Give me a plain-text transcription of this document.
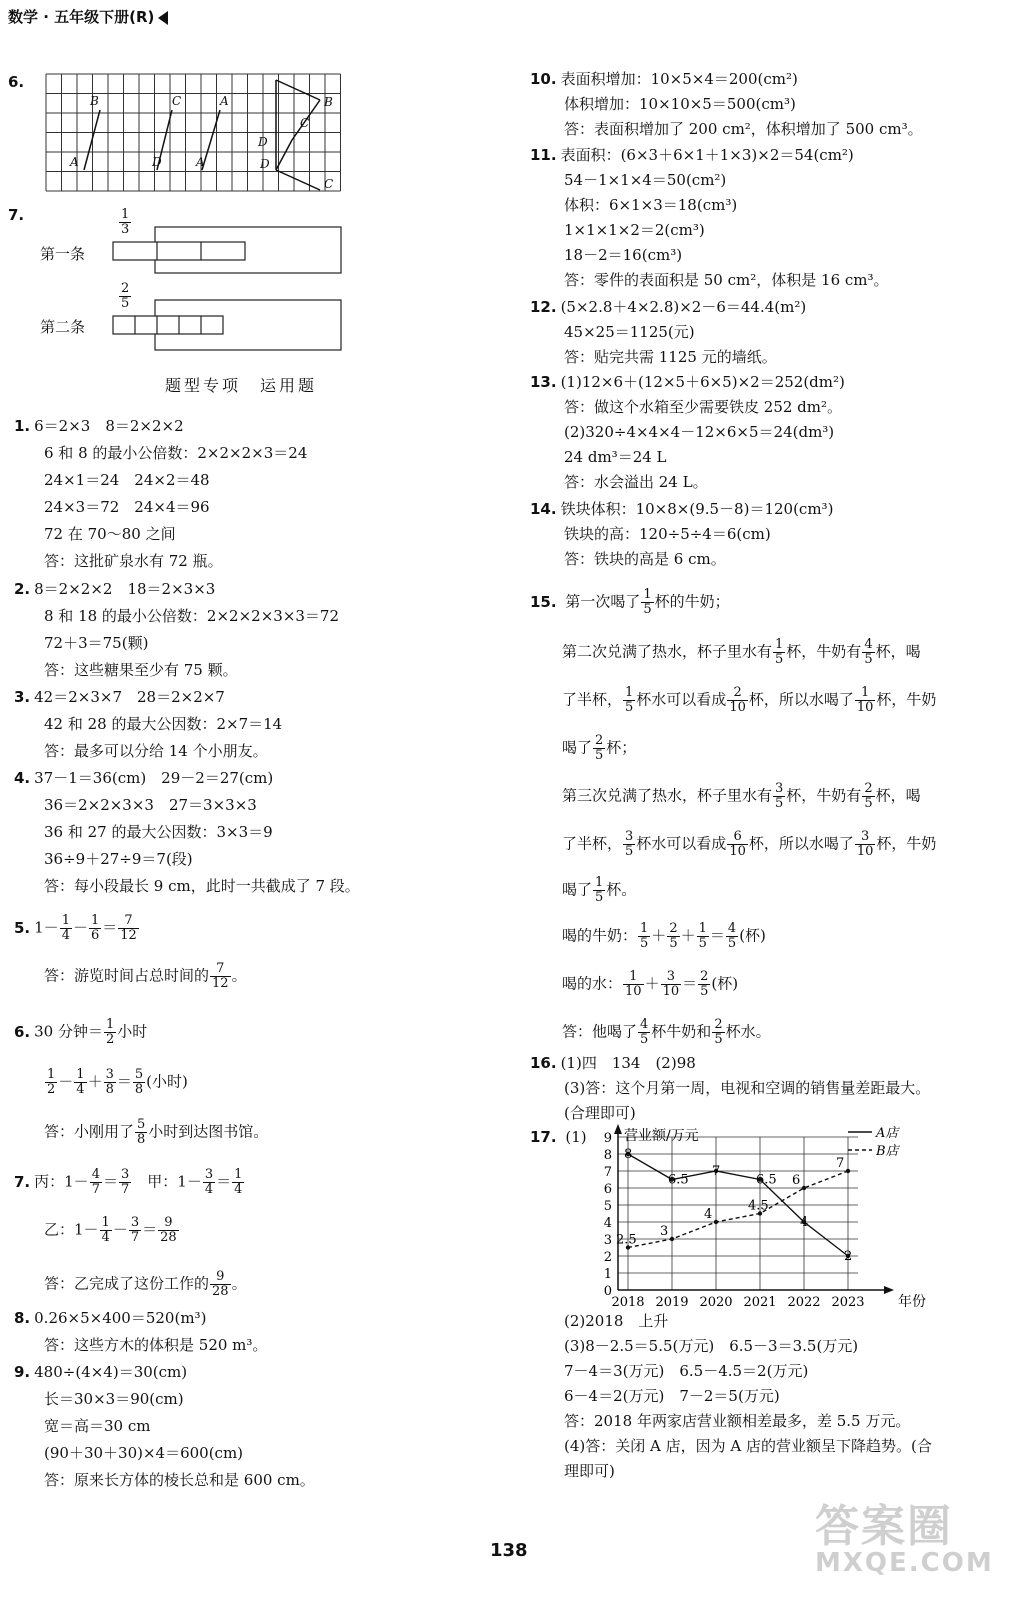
数学 · 五年级下册(R)
6.
B
A
C
D
A
A
D
D
C
B
C
7.	1
3
第一条
2
5
第二条
题型专项　运用题
1. 6＝2×3　8＝2×2×2
6 和 8 的最小公倍数：2×2×2×3＝24
24×1＝24　24×2＝48
24×3＝72　24×4＝96
72 在 70～80 之间
答：这批矿泉水有 72 瓶。
2. 8＝2×2×2　18＝2×3×3
8 和 18 的最小公倍数：2×2×2×3×3＝72
72＋3＝75(颗)
答：这些糖果至少有 75 颗。
3. 42＝2×3×7　28＝2×2×7
42 和 28 的最大公因数：2×7＝14
答：最多可以分给 14 个小朋友。
4. 37－1＝36(cm)　29－2＝27(cm)
36＝2×2×3×3　27＝3×3×3
36 和 27 的最大公因数：3×3＝9
36÷9＋27÷9＝7(段)
答：每小段最长 9 cm，此时一共截成了 7 段。
8. 0.26×5×400＝520(m³)
答：这些方木的体积是 520 m³。
9. 480÷(4×4)＝30(cm)
长＝30×3＝90(cm)
宽＝高＝30 cm
(90＋30＋30)×4＝600(cm)
答：原来长方体的棱长总和是 600 cm。
5. $1- \frac{1}{4} - \frac{1}{6} = \frac{7}{12}$
答：游览时间占总时间的 $\frac{7}{12}$ 。
6. 30 分钟＝ $\frac{1}{2}$ 小时
$\frac{1}{2} - \frac{1}{4} + \frac{3}{8} = \frac{5}{8}$ (小时)
答：小刚用了 $\frac{5}{8}$ 小时到达图书馆。
7. 丙：$1- \frac{4}{7} = \frac{3}{7}$
　 甲：$1- \frac{3}{4} = \frac{1}{4}$
乙：$1- \frac{1}{4} - \frac{3}{7} = \frac{9}{28}$
答：乙完成了这份工作的 $\frac{9}{28}$ 。
10. 表面积增加：10×5×4＝200(cm²)
体积增加：10×10×5＝500(cm³)
答：表面积增加了 200 cm²，体积增加了 500 cm³。
11. 表面积：(6×3＋6×1＋1×3)×2＝54(cm²)
54－1×1×4＝50(cm²)
体积：6×1×3＝18(cm³)
1×1×1×2＝2(cm³)
18－2＝16(cm³)
答：零件的表面积是 50 cm²，体积是 16 cm³。
12. (5×2.8＋4×2.8)×2－6＝44.4(m²)
45×25＝1125(元)
答：贴完共需 1125 元的墙纸。
13. (1)12×6＋(12×5＋6×5)×2＝252(dm²)
答：做这个水箱至少需要铁皮 252 dm²。
(2)320÷4×4×4－12×6×5＝24(dm³)
24 dm³＝24 L
答：水会溢出 24 L。
14. 铁块体积：10×8×(9.5－8)＝120(cm³)
铁块的高：120÷5÷4＝6(cm)
答：铁块的高是 6 cm。
15. 第一次喝了 $\frac{1}{5}$ 杯的牛奶；
第二次兑满了热水，杯子里水有 $\frac{1}{5}$ 杯，牛奶有 $\frac{4}{5}$ 杯，喝
了半杯， $\frac{1}{5}$ 杯水可以看成 $\frac{2}{10}$ 杯，所以水喝了 $\frac{1}{10}$ 杯，牛奶
喝了 $\frac{2}{5}$ 杯；
第三次兑满了热水，杯子里水有 $\frac{3}{5}$ 杯，牛奶有 $\frac{2}{5}$ 杯，喝
了半杯， $\frac{3}{5}$ 杯水可以看成 $\frac{6}{10}$ 杯，所以水喝了 $\frac{3}{10}$ 杯，牛奶
喝了 $\frac{1}{5}$ 杯。
喝的牛奶： $\frac{1}{5} + \frac{2}{5} + \frac{1}{5} = \frac{4}{5}$ (杯)
喝的水： $\frac{1}{10} + \frac{3}{10} = \frac{2}{5}$ (杯)
答：他喝了 $\frac{4}{5}$ 杯牛奶和 $\frac{2}{5}$ 杯水。
16. (1)四　134　(2)98
(3)答：这个月第一周，电视和空调的销售量差距最大。
(合理即可)
17. (1)
0
1
2
3
4
5
6
7
8
9
2018 2019 2020 2021 2022 2023
营业额/万元
年份
8
6.5
7
6.5
4
2
2.5
3
4
4.5
6
7
A店
B店
(2)2018　上升
(3)8－2.5＝5.5(万元)　6.5－3＝3.5(万元)
7－4＝3(万元)　6.5－4.5＝2(万元)
6－4＝2(万元)　7－2＝5(万元)
答：2018 年两家店营业额相差最多，差 5.5 万元。
(4)答：关闭 A 店，因为 A 店的营业额呈下降趋势。(合
理即可)
138	答案圈
MXQE.COM
